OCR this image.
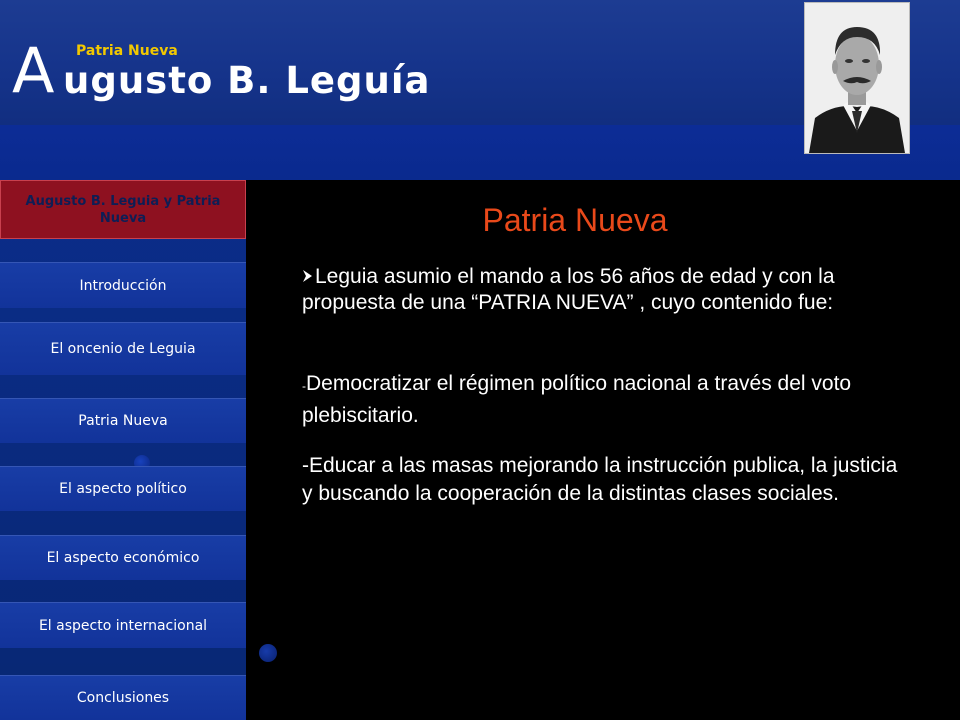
Patria Nueva
A ugusto B. Leguía
Augusto B. Leguia y Patria Nueva
Introducción
El oncenio de Leguia
Patria Nueva
El aspecto político
El aspecto económico
El aspecto internacional
Conclusiones
Patria Nueva
Leguia asumio el mando a los 56 años de edad y con la propuesta de una “PATRIA NUEVA” , cuyo contenido fue:
-Democratizar el régimen político nacional a través del voto plebiscitario.
-Educar a las masas mejorando la instrucción publica, la justicia y buscando la cooperación de la distintas clases sociales.
